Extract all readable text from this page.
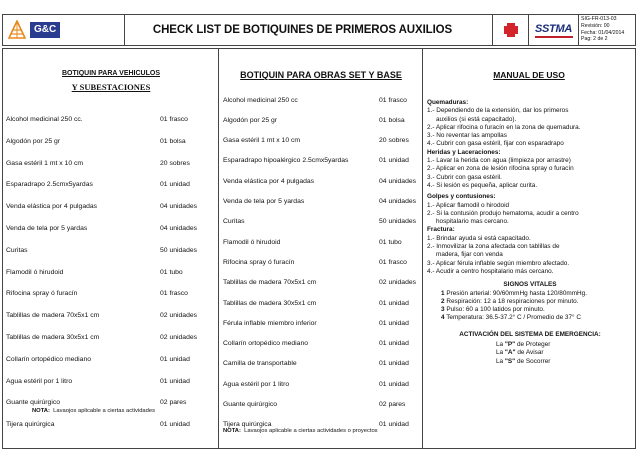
G&C	CHECK LIST DE BOTIQUINES DE PRIMEROS AUXILIOS	SSTMA
SIG-FR-013-03
Revisión: 00
Fecha: 01/04/2014
Pag: 2 de 2
BOTIQUIN PARA VEHICULOS
Y SUBESTACIONES
Alcohol medicinal 250 cc.	01 frasco
Algodón por 25 gr	01 bolsa
Gasa estéril 1 mt x 10 cm	20 sobres
Esparadrapo 2.5cmx5yardas	01 unidad
Venda elástica por 4 pulgadas	04 unidades
Venda de tela por 5 yardas	04 unidades
Curitas	50 unidades
Flamodil ó hirudoid	01 tubo
Rifocina spray ó furacín	01 frasco
Tablillas de madera 70x5x1 cm	02 unidades
Tablillas de madera 30x5x1 cm	02 unidades
Collarín ortopédico mediano	01 unidad
Agua estéril por 1 litro	01 unidad
Guante quirúrgico	02 pares
Tijera quirúrgica	01 unidad
NOTA: Lavaojos aplicable a ciertas actividades
BOTIQUIN PARA OBRAS SET Y BASE
Alcohol medicinal 250 cc	01 frasco
Algodón por 25 gr	01 bolsa
Gasa estéril 1 mt x 10 cm	20 sobres
Esparadrapo hipoalérgico 2.5cmx5yardas	01 unidad
Venda elástica por 4 pulgadas	04 unidades
Venda de tela por 5 yardas	04 unidades
Curitas	50 unidades
Flamodil ó hirudoid	01 tubo
Rifocina spray ó furacín	01 frasco
Tablillas de madera 70x5x1 cm	02 unidades
Tablillas de madera 30x5x1 cm	01 unidad
Férula inflable miembro inferior	01 unidad
Collarín ortopédico mediano	01 unidad
Camilla de transportable	01 unidad
Agua estéril por 1 litro	01 unidad
Guante quirúrgico	02 pares
Tijera quirúrgica	01 unidad
NOTA: Lavaojos aplicable a ciertas actividades o proyectos
MANUAL DE USO
Quemaduras:
1.- Dependiendo de la extensión, dar los primeros
auxilios (si está capacitado).
2.- Aplicar rifocina o furacín en la zona de quemadura.
3.- No reventar las ampollas
4.- Cubrir con gasa estéril, fijar con esparadrapo
Heridas y Laceraciones:
1.- Lavar la herida con agua (limpieza por arrastre)
2.- Aplicar en zona de lesión rifocina spray o furacín
3.- Cubrir con gasa estéril.
4.- Si lesión es pequeña, aplicar curita.
Golpes y contusiones:
1.- Aplicar flamodil o hirodoid
2.- Si la contusión produjo hematoma, acudir a centro
hospitalario mas cercano.
Fractura:
1.- Brindar ayuda si está capacitado.
2.- Inmovilizar la zona afectada con tablillas de
madera, fijar con venda
3.- Aplicar férula inflable según miembro afectado.
4.- Acudir a centro hospitalario más cercano.
SIGNOS VITALES
1 Presión arterial: 90/60mmHg hasta 120/80mmHg.
2 Respiración: 12 a 18 respiraciones por minuto.
3 Pulso: 60 a 100 latidos por minuto.
4 Temperatura: 36.5-37.2° C / Promedio de 37° C
ACTIVACIÓN DEL SISTEMA DE EMERGENCIA:
La "P" de Proteger
La "A" de Avisar
La "S" de Socorrer
